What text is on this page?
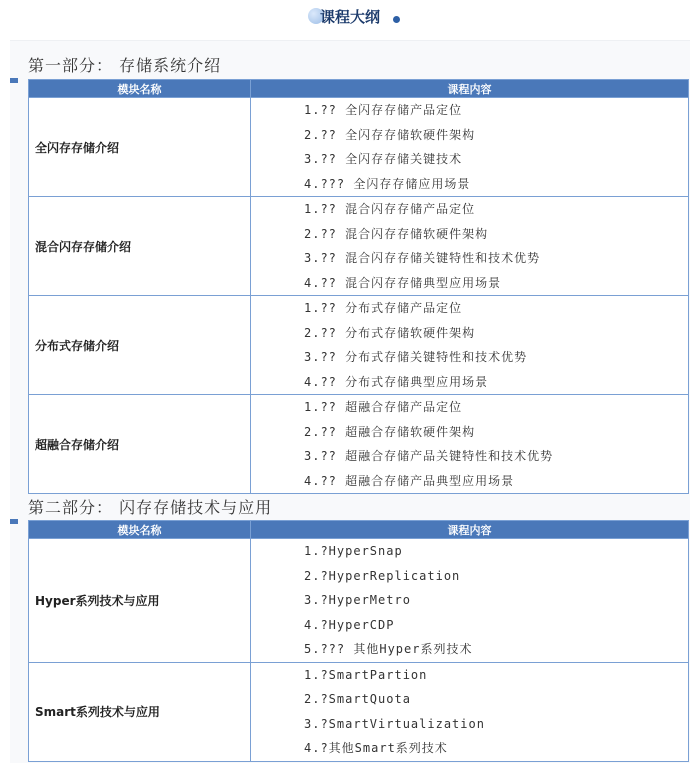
课程大纲
第一部分： 存储系统介绍
模块名称	课程内容
全闪存存储介绍	1.?? 全闪存存储产品定位
2.?? 全闪存存储软硬件架构
3.?? 全闪存存储关键技术
4.??? 全闪存存储应用场景

混合闪存存储介绍	1.?? 混合闪存存储产品定位
2.?? 混合闪存存储软硬件架构
3.?? 混合闪存存储关键特性和技术优势
4.?? 混合闪存存储典型应用场景

分布式存储介绍	1.?? 分布式存储产品定位
2.?? 分布式存储软硬件架构
3.?? 分布式存储关键特性和技术优势
4.?? 分布式存储典型应用场景

超融合存储介绍	1.?? 超融合存储产品定位
2.?? 超融合存储软硬件架构
3.?? 超融合存储产品关键特性和技术优势
4.?? 超融合存储产品典型应用场景
第二部分： 闪存存储技术与应用
模块名称	课程内容
Hyper系列技术与应用	1.?HyperSnap
2.?HyperReplication
3.?HyperMetro
4.?HyperCDP
5.??? 其他Hyper系列技术

Smart系列技术与应用	1.?SmartPartion
2.?SmartQuota
3.?SmartVirtualization
4.?其他Smart系列技术
